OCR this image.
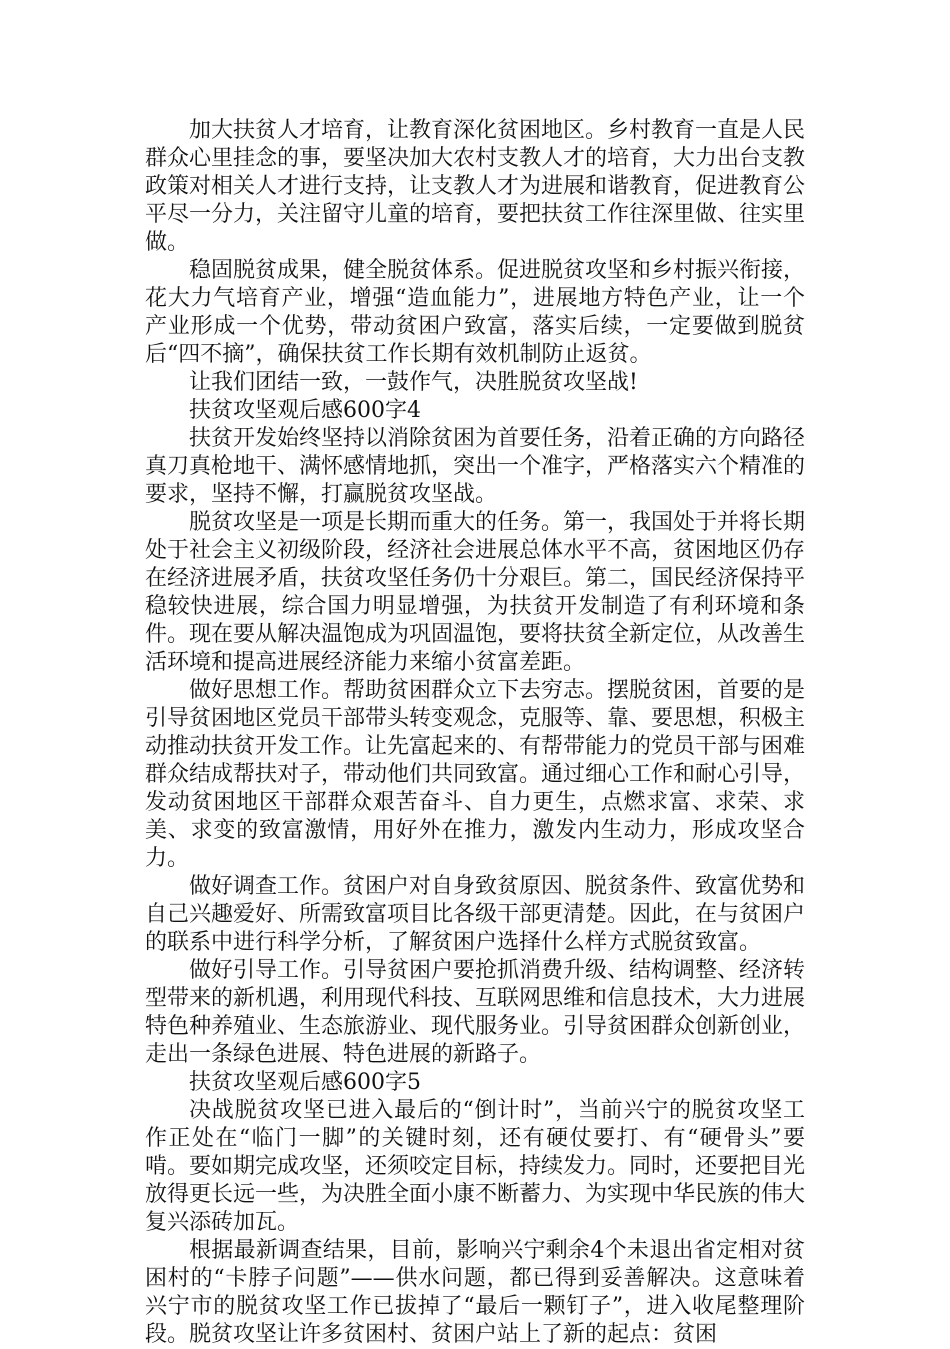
加大扶贫人才培育，让教育深化贫困地区。乡村教育一直是人民群众心里挂念的事，要坚决加大农村支教人才的培育，大力出台支教政策对相关人才进行支持，让支教人才为进展和谐教育，促进教育公平尽一分力，关注留守儿童的培育，要把扶贫工作往深里做、往实里做。

稳固脱贫成果，健全脱贫体系。促进脱贫攻坚和乡村振兴衔接，花大力气培育产业，增强“造血能力”，进展地方特色产业，让一个产业形成一个优势，带动贫困户致富，落实后续，一定要做到脱贫后“四不摘”，确保扶贫工作长期有效机制防止返贫。

让我们团结一致，一鼓作气，决胜脱贫攻坚战!

扶贫攻坚观后感600字4

扶贫开发始终坚持以消除贫困为首要任务，沿着正确的方向路径真刀真枪地干、满怀感情地抓，突出一个准字，严格落实六个精准的要求，坚持不懈，打赢脱贫攻坚战。

脱贫攻坚是一项是长期而重大的任务。第一，我国处于并将长期处于社会主义初级阶段，经济社会进展总体水平不高，贫困地区仍存在经济进展矛盾，扶贫攻坚任务仍十分艰巨。第二，国民经济保持平稳较快进展，综合国力明显增强，为扶贫开发制造了有利环境和条件。现在要从解决温饱成为巩固温饱，要将扶贫全新定位，从改善生活环境和提高进展经济能力来缩小贫富差距。

做好思想工作。帮助贫困群众立下去穷志。摆脱贫困，首要的是引导贫困地区党员干部带头转变观念，克服等、靠、要思想，积极主动推动扶贫开发工作。让先富起来的、有帮带能力的党员干部与困难群众结成帮扶对子，带动他们共同致富。通过细心工作和耐心引导，发动贫困地区干部群众艰苦奋斗、自力更生，点燃求富、求荣、求美、求变的致富激情，用好外在推力，激发内生动力，形成攻坚合力。

做好调查工作。贫困户对自身致贫原因、脱贫条件、致富优势和自己兴趣爱好、所需致富项目比各级干部更清楚。因此，在与贫困户的联系中进行科学分析，了解贫困户选择什么样方式脱贫致富。

做好引导工作。引导贫困户要抢抓消费升级、结构调整、经济转型带来的新机遇，利用现代科技、互联网思维和信息技术，大力进展特色种养殖业、生态旅游业、现代服务业。引导贫困群众创新创业，走出一条绿色进展、特色进展的新路子。

扶贫攻坚观后感600字5

决战脱贫攻坚已进入最后的“倒计时”，当前兴宁的脱贫攻坚工作正处在“临门一脚”的关键时刻，还有硬仗要打、有“硬骨头”要啃。要如期完成攻坚，还须咬定目标，持续发力。同时，还要把目光放得更长远一些，为决胜全面小康不断蓄力、为实现中华民族的伟大复兴添砖加瓦。

根据最新调查结果，目前，影响兴宁剩余4个未退出省定相对贫困村的“卡脖子问题”——供水问题，都已得到妥善解决。这意味着兴宁市的脱贫攻坚工作已拔掉了“最后一颗钉子”，进入收尾整理阶段。脱贫攻坚让许多贫困村、贫困户站上了新的起点：贫困
